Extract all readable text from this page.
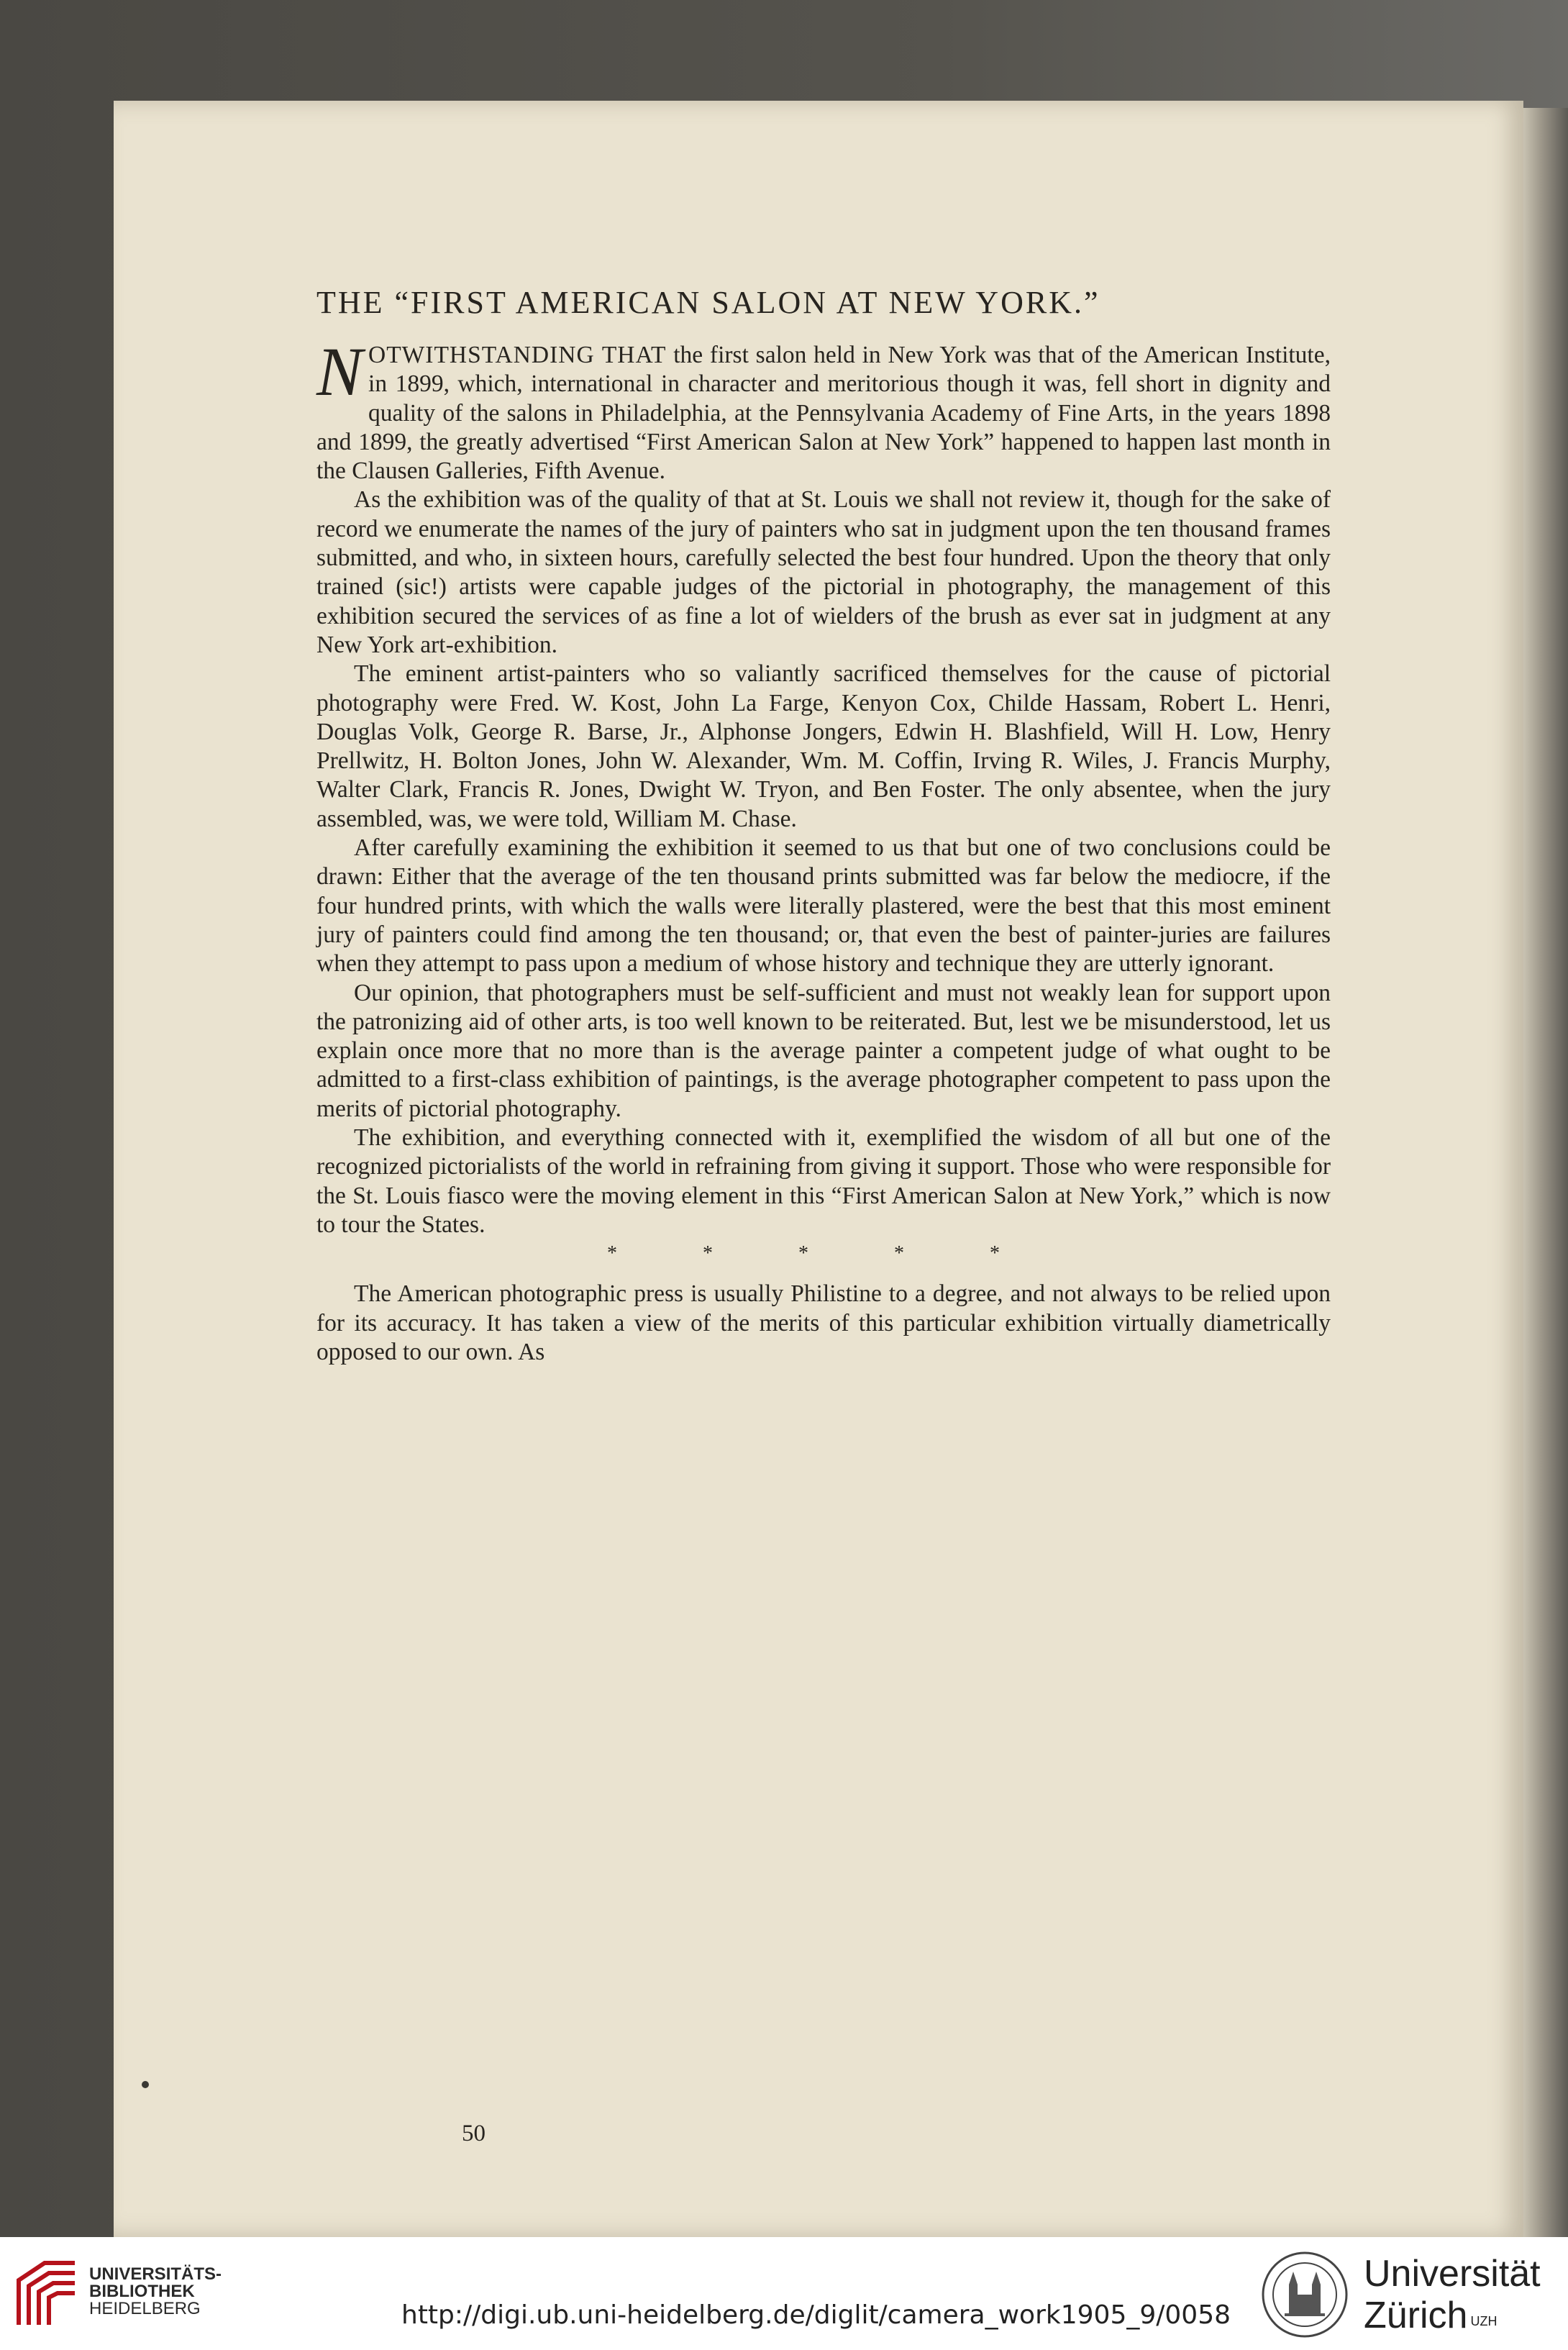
THE “FIRST AMERICAN SALON AT NEW YORK.”

NOTWITHSTANDING THAT the first salon held in New York was that of the American Institute, in 1899, which, international in character and meritorious though it was, fell short in dignity and quality of the salons in Philadelphia, at the Pennsylvania Academy of Fine Arts, in the years 1898 and 1899, the greatly advertised “First American Salon at New York” happened to happen last month in the Clausen Galleries, Fifth Avenue.

As the exhibition was of the quality of that at St. Louis we shall not review it, though for the sake of record we enumerate the names of the jury of painters who sat in judgment upon the ten thousand frames submitted, and who, in sixteen hours, carefully selected the best four hundred. Upon the theory that only trained (sic!) artists were capable judges of the pictorial in photography, the management of this exhibition secured the services of as fine a lot of wielders of the brush as ever sat in judgment at any New York art-exhibition.

The eminent artist-painters who so valiantly sacrificed themselves for the cause of pictorial photography were Fred. W. Kost, John La Farge, Kenyon Cox, Childe Hassam, Robert L. Henri, Douglas Volk, George R. Barse, Jr., Alphonse Jongers, Edwin H. Blashfield, Will H. Low, Henry Prellwitz, H. Bolton Jones, John W. Alexander, Wm. M. Coffin, Irving R. Wiles, J. Francis Murphy, Walter Clark, Francis R. Jones, Dwight W. Tryon, and Ben Foster. The only absentee, when the jury assembled, was, we were told, William M. Chase.

After carefully examining the exhibition it seemed to us that but one of two conclusions could be drawn: Either that the average of the ten thousand prints submitted was far below the mediocre, if the four hundred prints, with which the walls were literally plastered, were the best that this most eminent jury of painters could find among the ten thousand; or, that even the best of painter-juries are failures when they attempt to pass upon a medium of whose history and technique they are utterly ignorant.

Our opinion, that photographers must be self-sufficient and must not weakly lean for support upon the patronizing aid of other arts, is too well known to be reiterated. But, lest we be misunderstood, let us explain once more that no more than is the average painter a competent judge of what ought to be admitted to a first-class exhibition of paintings, is the average photographer competent to pass upon the merits of pictorial photography.

The exhibition, and everything connected with it, exemplified the wisdom of all but one of the recognized pictorialists of the world in refraining from giving it support. Those who were responsible for the St. Louis fiasco were the moving element in this “First American Salon at New York,” which is now to tour the States.

* * * * *

The American photographic press is usually Philistine to a degree, and not always to be relied upon for its accuracy. It has taken a view of the merits of this particular exhibition virtually diametrically opposed to our own. As

50
UNIVERSITÄTS-
BIBLIOTHEK
HEIDELBERG	http://digi.ub.uni-heidelberg.de/diglit/camera_work1905_9/0058
Universität
Zürich $^{UZH}$
